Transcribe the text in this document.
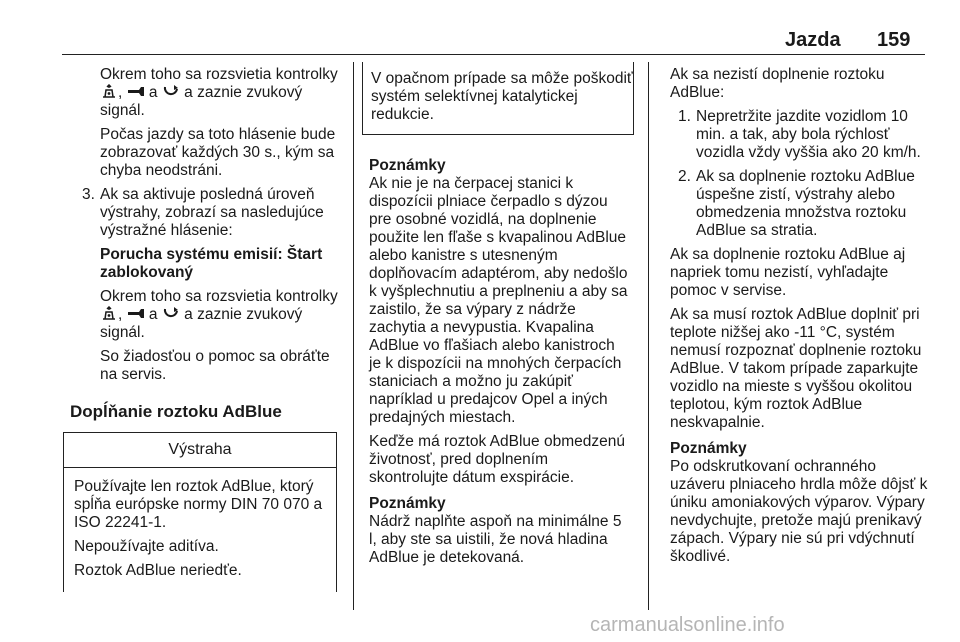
Jazda 159

Okrem toho sa rozsvietia kontrolky ,  a  a zaznie zvukový signál.

Počas jazdy sa toto hlásenie bude zobrazovať každých 30 s., kým sa chyba neodstráni.

3. Ak sa aktivuje posledná úroveň výstrahy, zobrazí sa nasledujúce výstražné hlásenie:

Porucha systému emisií: Štart zablokovaný

Okrem toho sa rozsvietia kontrolky ,  a  a zaznie zvukový signál.

So žiadosťou o pomoc sa obráťte na servis.

Dopĺňanie roztoku AdBlue
Výstraha

Používajte len roztok AdBlue, ktorý spĺňa európske normy DIN 70 070 a ISO 22241-1.

Nepoužívajte aditíva.

Roztok AdBlue neriedťe.

V opačnom prípade sa môže poškodiť systém selektívnej katalytickej redukcie.

Poznámky

Ak nie je na čerpacej stanici k dispozícii plniace čerpadlo s dýzou pre osobné vozidlá, na doplnenie použite len fľaše s kvapalinou AdBlue alebo kanistre s utesneným doplňovacím adaptérom, aby nedošlo k vyšplechnutiu a preplneniu a aby sa zaistilo, že sa výpary z nádrže zachytia a nevypustia. Kvapalina AdBlue vo fľašiach alebo kanistroch je k dispozícii na mnohých čerpacích staniciach a možno ju zakúpiť napríklad u predajcov Opel a iných predajných miestach.

Keďže má roztok AdBlue obmedzenú životnosť, pred doplnením skontrolujte dátum exspirácie.

Poznámky

Nádrž naplňte aspoň na minimálne 5 l, aby ste sa uistili, že nová hladina AdBlue je detekovaná.

Ak sa nezistí doplnenie roztoku AdBlue:

1. Nepretržite jazdite vozidlom 10 min. a tak, aby bola rýchlosť vozidla vždy vyššia ako 20 km/h.
2. Ak sa doplnenie roztoku AdBlue úspešne zistí, výstrahy alebo obmedzenia množstva roztoku AdBlue sa stratia.

Ak sa doplnenie roztoku AdBlue aj napriek tomu nezistí, vyhľadajte pomoc v servise.

Ak sa musí roztok AdBlue doplniť pri teplote nižšej ako -11 °C, systém nemusí rozpoznať doplnenie roztoku AdBlue. V takom prípade zaparkujte vozidlo na mieste s vyššou okolitou teplotou, kým roztok AdBlue neskvapalnie.

Poznámky

Po odskrutkovaní ochranného uzáveru plniaceho hrdla môže dôjsť k úniku amoniakových výparov. Výpary nevdychujte, pretože majú prenikavý zápach. Výpary nie sú pri vdýchnutí škodlivé.

carmanualsonline.info
